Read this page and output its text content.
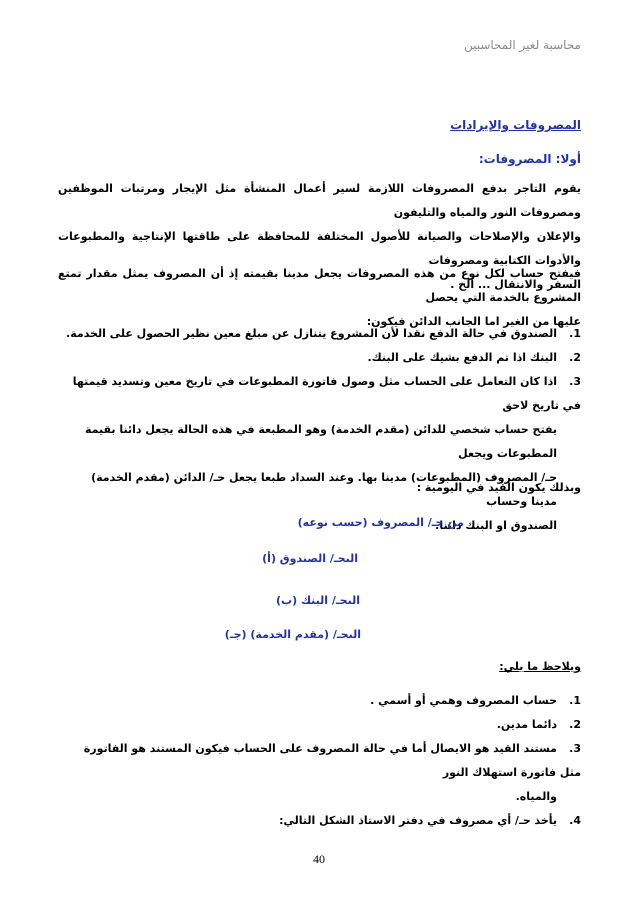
محاسبة لغير المحاسبين
المصروفات والإيرادات
أولا: المصروفات:
يقوم التاجر بدفع المصروفات اللازمة لسير أعمال المنشأة مثل الإيجار ومرتبات الموظفين ومصروفات النور والمياه والتليفون
والإعلان والإصلاحات والصيانة للأصول المختلفة للمحافظة على طاقتها الإنتاجية والمطبوعات والأدوات الكتابية ومصروفات
السفر والانتقال ... الخ .
فيفتح حساب لكل نوع من هذه المصروفات يجعل مدينا بقيمته إذ أن المصروف يمثل مقدار تمتع المشروع بالخدمة التي يحصل
عليها من الغير اما الجانب الدائن فيكون:
1.الصندوق في حالة الدفع نقدا لأن المشروع يتنازل عن مبلغ معين نظير الحصول على الخدمة.
2.البنك اذا تم الدفع بشيك على البنك.
3.اذا كان التعامل على الحساب مثل وصول فاتورة المطبوعات في تاريخ معين وتسديد قيمتها في تاريخ لاحق
يفتح حساب شخصي للدائن (مقدم الخدمة) وهو المطبعة في هذه الحالة يجعل دائنا بقيمة المطبوعات ويجعل
حـ/ المصروف (المطبوعات) مدينا بها. وعند السداد طبعا يجعل حـ/ الدائن (مقدم الخدمة) مدينا وحساب
الصندوق او البنك دائنا.
وبذلك يكون القيد في اليومية :
من حـ/ المصروف (حسب نوعه)
الىحـ/ الصندوق (أ)
الىحـ/ البنك (ب)
الىحـ/ (مقدم الخدمة) (جـ)
ويلاحظ ما يلي:
1.حساب المصروف وهمي أو أسمي .
2.دائما مدين.
3.مستند القيد هو الايصال أما في حالة المصروف على الحساب فيكون المستند هو الفاتورة مثل فاتورة استهلاك النور
والمياه.
4.يأخذ حـ/ أي مصروف في دفتر الاستاذ الشكل التالي:
40
